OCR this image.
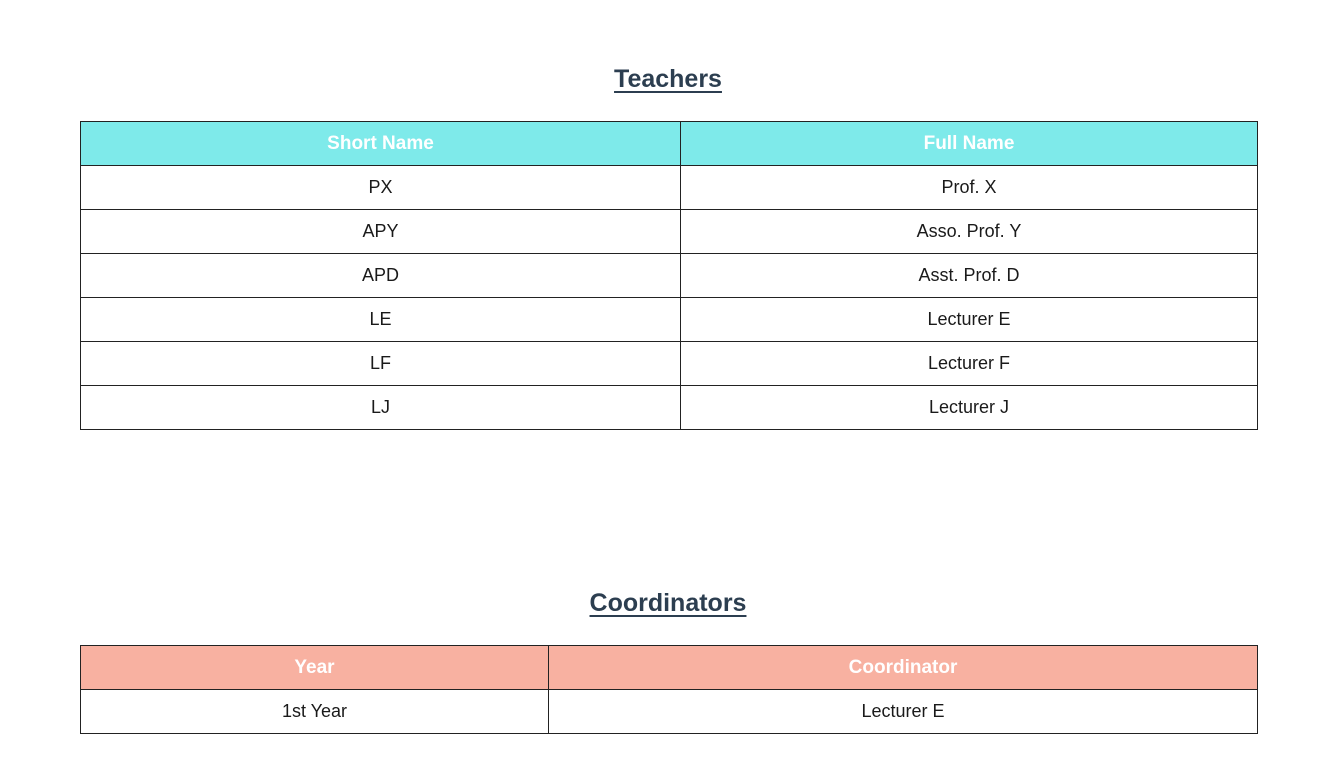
Teachers
Short Name	Full Name
PX	Prof. X
APY	Asso. Prof. Y
APD	Asst. Prof. D
LE	Lecturer E
LF	Lecturer F
LJ	Lecturer J
Coordinators
Year	Coordinator
1st Year	Lecturer E
